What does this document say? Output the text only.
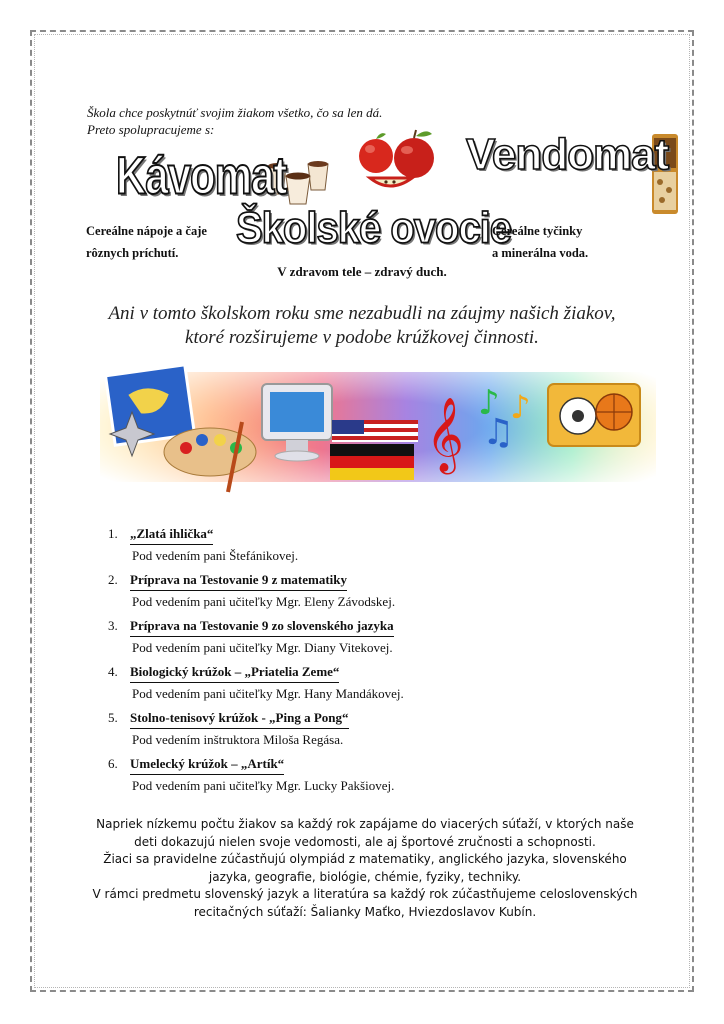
Škola chce poskytnúť svojim žiakom všetko, čo sa len dá.
Preto spolupracujeme s:
Kávomat	Vendomat
Školské ovocie
Cereálne nápoje a čaje
rôznych príchutí.
Cereálne tyčinky
a minerálna voda.
V zdravom tele – zdravý duch.
Ani v tomto školskom roku sme nezabudli na záujmy našich žiakov,
ktoré rozširujeme v podobe krúžkovej činnosti.
𝄞 ♪
♫
♪
1. „Zlatá ihlička“
Pod vedením pani Štefánikovej.
2. Príprava na Testovanie 9 z matematiky
Pod vedením pani učiteľky Mgr. Eleny Závodskej.
3. Príprava na Testovanie 9 zo slovenského jazyka
Pod vedením pani učiteľky Mgr. Diany Vitekovej.
4. Biologický krúžok – „Priatelia Zeme“
Pod vedením pani učiteľky Mgr. Hany Mandákovej.
5. Stolno-tenisový krúžok - „Ping a Pong“
Pod vedením inštruktora Miloša Regása.
6. Umelecký krúžok – „Artík“
Pod vedením pani učiteľky Mgr. Lucky Pakšiovej.

Napriek nízkemu počtu žiakov sa každý rok zapájame do viacerých súťaží, v ktorých naše

deti dokazujú nielen svoje vedomosti, ale aj športové zručnosti a schopnosti.

Žiaci sa pravidelne zúčastňujú olympiád z matematiky, anglického jazyka, slovenského

jazyka, geografie, biológie, chémie, fyziky, techniky.

V rámci predmetu slovenský jazyk a literatúra sa každý rok zúčastňujeme celoslovenských

recitačných súťaží: Šalianky Maťko, Hviezdoslavov Kubín.
